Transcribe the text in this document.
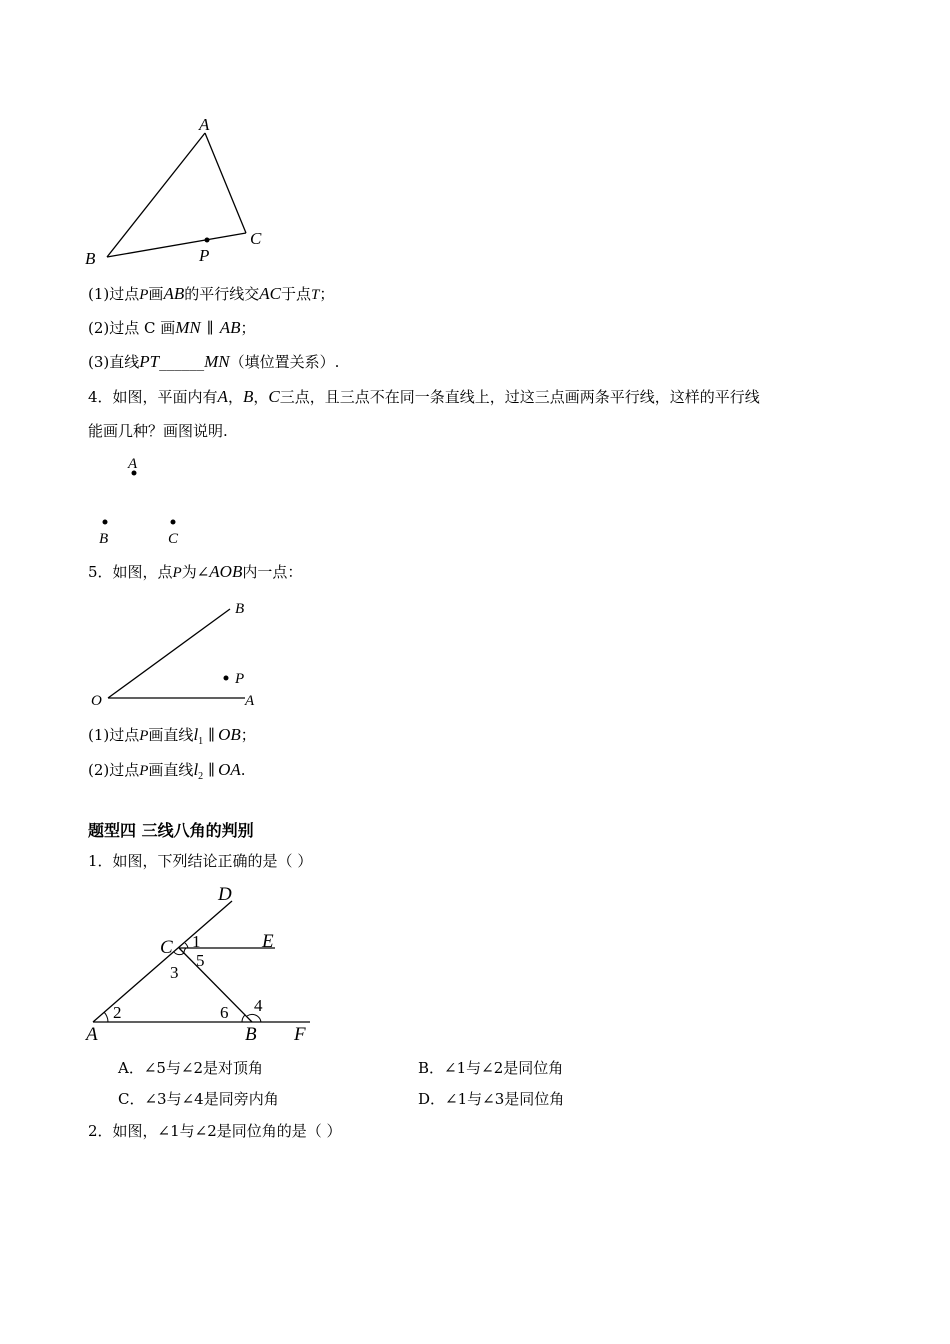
A
B
C
P
(1)过点P画AB的平行线交AC于点T；
(2)过点 C 画MN ∥ AB；
(3)直线PT______MN（填位置关系）.
4．如图，平面内有A，B，C三点，且三点不在同一条直线上，过这三点画两条平行线，这样的平行线
能画几种？画图说明.
A
B	C
5．如图，点P为∠AOB内一点：
B
P
O	A
(1)过点P画直线$l_1$ ∥ OB；
(2)过点P画直线$l_2$ ∥ OA.
题型四 三线八角的判别
1．如图，下列结论正确的是（ ）
D
C	E
A	B F
1
5
3
2	6 4
A．∠5与∠2是对顶角	B．∠1与∠2是同位角
C．∠3与∠4是同旁内角	D．∠1与∠3是同位角
2．如图，∠1与∠2是同位角的是（ ）
